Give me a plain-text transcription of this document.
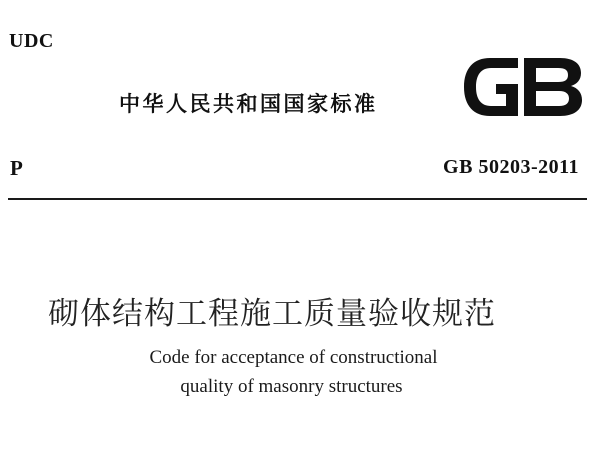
UDC
中华人民共和国国家标准
P	GB 50203-2011
砌体结构工程施工质量验收规范
Code for acceptance of constructional
quality of masonry structures
